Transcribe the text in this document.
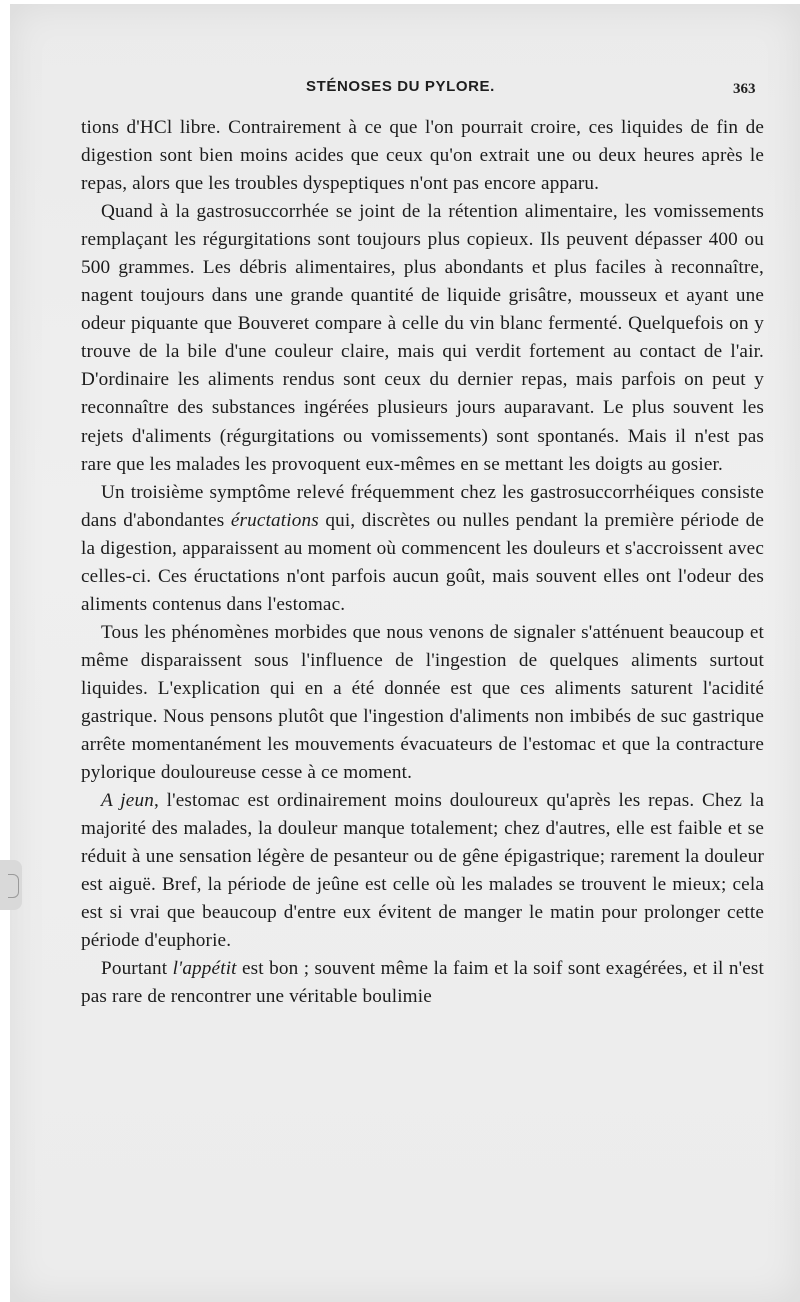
STÉNOSES DU PYLORE.	363

tions d'HCl libre. Contrairement à ce que l'on pourrait croire, ces liquides de fin de digestion sont bien moins acides que ceux qu'on extrait une ou deux heures après le repas, alors que les troubles dyspeptiques n'ont pas encore apparu.

Quand à la gastrosuccorrhée se joint de la rétention alimentaire, les vomissements remplaçant les régurgitations sont toujours plus copieux. Ils peuvent dépasser 400 ou 500 grammes. Les débris alimentaires, plus abondants et plus faciles à reconnaître, nagent toujours dans une grande quantité de liquide grisâtre, mousseux et ayant une odeur piquante que Bouveret compare à celle du vin blanc fermenté. Quelquefois on y trouve de la bile d'une couleur claire, mais qui verdit fortement au contact de l'air. D'ordinaire les aliments rendus sont ceux du dernier repas, mais parfois on peut y reconnaître des substances ingérées plusieurs jours auparavant. Le plus souvent les rejets d'aliments (régurgitations ou vomissements) sont spontanés. Mais il n'est pas rare que les malades les provoquent eux-mêmes en se mettant les doigts au gosier.

Un troisième symptôme relevé fréquemment chez les gastrosuccorrhéiques consiste dans d'abondantes éructations qui, discrètes ou nulles pendant la première période de la digestion, apparaissent au moment où commencent les douleurs et s'accroissent avec celles-ci. Ces éructations n'ont parfois aucun goût, mais souvent elles ont l'odeur des aliments contenus dans l'estomac.

Tous les phénomènes morbides que nous venons de signaler s'atténuent beaucoup et même disparaissent sous l'influence de l'ingestion de quelques aliments surtout liquides. L'explication qui en a été donnée est que ces aliments saturent l'acidité gastrique. Nous pensons plutôt que l'ingestion d'aliments non imbibés de suc gastrique arrête momentanément les mouvements évacuateurs de l'estomac et que la contracture pylorique douloureuse cesse à ce moment.

A jeun, l'estomac est ordinairement moins douloureux qu'après les repas. Chez la majorité des malades, la douleur manque totalement; chez d'autres, elle est faible et se réduit à une sensation légère de pesanteur ou de gêne épigastrique; rarement la douleur est aiguë. Bref, la période de jeûne est celle où les malades se trouvent le mieux; cela est si vrai que beaucoup d'entre eux évitent de manger le matin pour prolonger cette période d'euphorie.

Pourtant l'appétit est bon ; souvent même la faim et la soif sont exagérées, et il n'est pas rare de rencontrer une véritable boulimie
